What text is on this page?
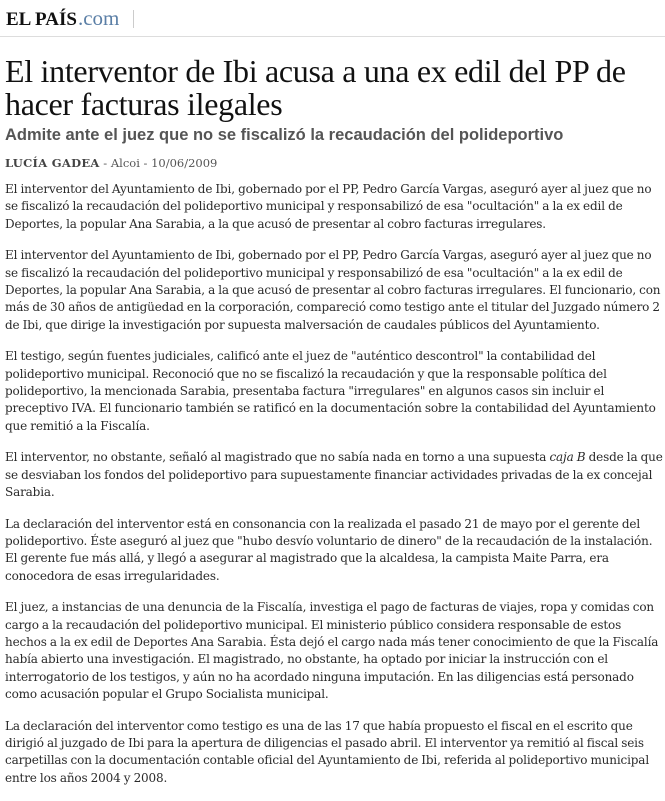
EL PAÍS .com
El interventor de Ibi acusa a una ex edil del PP de hacer facturas ilegales
Admite ante el juez que no se fiscalizó la recaudación del polideportivo
LUCÍA GADEA - Alcoi - 10/06/2009

El interventor del Ayuntamiento de Ibi, gobernado por el PP, Pedro García Vargas, aseguró ayer al juez que no se fiscalizó la recaudación del polideportivo municipal y responsabilizó de esa "ocultación" a la ex edil de Deportes, la popular Ana Sarabia, a la que acusó de presentar al cobro facturas irregulares.

El interventor del Ayuntamiento de Ibi, gobernado por el PP, Pedro García Vargas, aseguró ayer al juez que no se fiscalizó la recaudación del polideportivo municipal y responsabilizó de esa "ocultación" a la ex edil de Deportes, la popular Ana Sarabia, a la que acusó de presentar al cobro facturas irregulares. El funcionario, con más de 30 años de antigüedad en la corporación, compareció como testigo ante el titular del Juzgado número 2 de Ibi, que dirige la investigación por supuesta malversación de caudales públicos del Ayuntamiento.

El testigo, según fuentes judiciales, calificó ante el juez de "auténtico descontrol" la contabilidad del polideportivo municipal. Reconoció que no se fiscalizó la recaudación y que la responsable política del polideportivo, la mencionada Sarabia, presentaba factura "irregulares" en algunos casos sin incluir el preceptivo IVA. El funcionario también se ratificó en la documentación sobre la contabilidad del Ayuntamiento que remitió a la Fiscalía.

El interventor, no obstante, señaló al magistrado que no sabía nada en torno a una supuesta caja B desde la que se desviaban los fondos del polideportivo para supuestamente financiar actividades privadas de la ex concejal Sarabia.

La declaración del interventor está en consonancia con la realizada el pasado 21 de mayo por el gerente del polideportivo. Éste aseguró al juez que "hubo desvío voluntario de dinero" de la recaudación de la instalación. El gerente fue más allá, y llegó a asegurar al magistrado que la alcaldesa, la campista Maite Parra, era conocedora de esas irregularidades.

El juez, a instancias de una denuncia de la Fiscalía, investiga el pago de facturas de viajes, ropa y comidas con cargo a la recaudación del polideportivo municipal. El ministerio público considera responsable de estos hechos a la ex edil de Deportes Ana Sarabia. Ésta dejó el cargo nada más tener conocimiento de que la Fiscalía había abierto una investigación. El magistrado, no obstante, ha optado por iniciar la instrucción con el interrogatorio de los testigos, y aún no ha acordado ninguna imputación. En las diligencias está personado como acusación popular el Grupo Socialista municipal.

La declaración del interventor como testigo es una de las 17 que había propuesto el fiscal en el escrito que dirigió al juzgado de Ibi para la apertura de diligencias el pasado abril. El interventor ya remitió al fiscal seis carpetillas con la documentación contable oficial del Ayuntamiento de Ibi, referida al polideportivo municipal entre los años 2004 y 2008.
